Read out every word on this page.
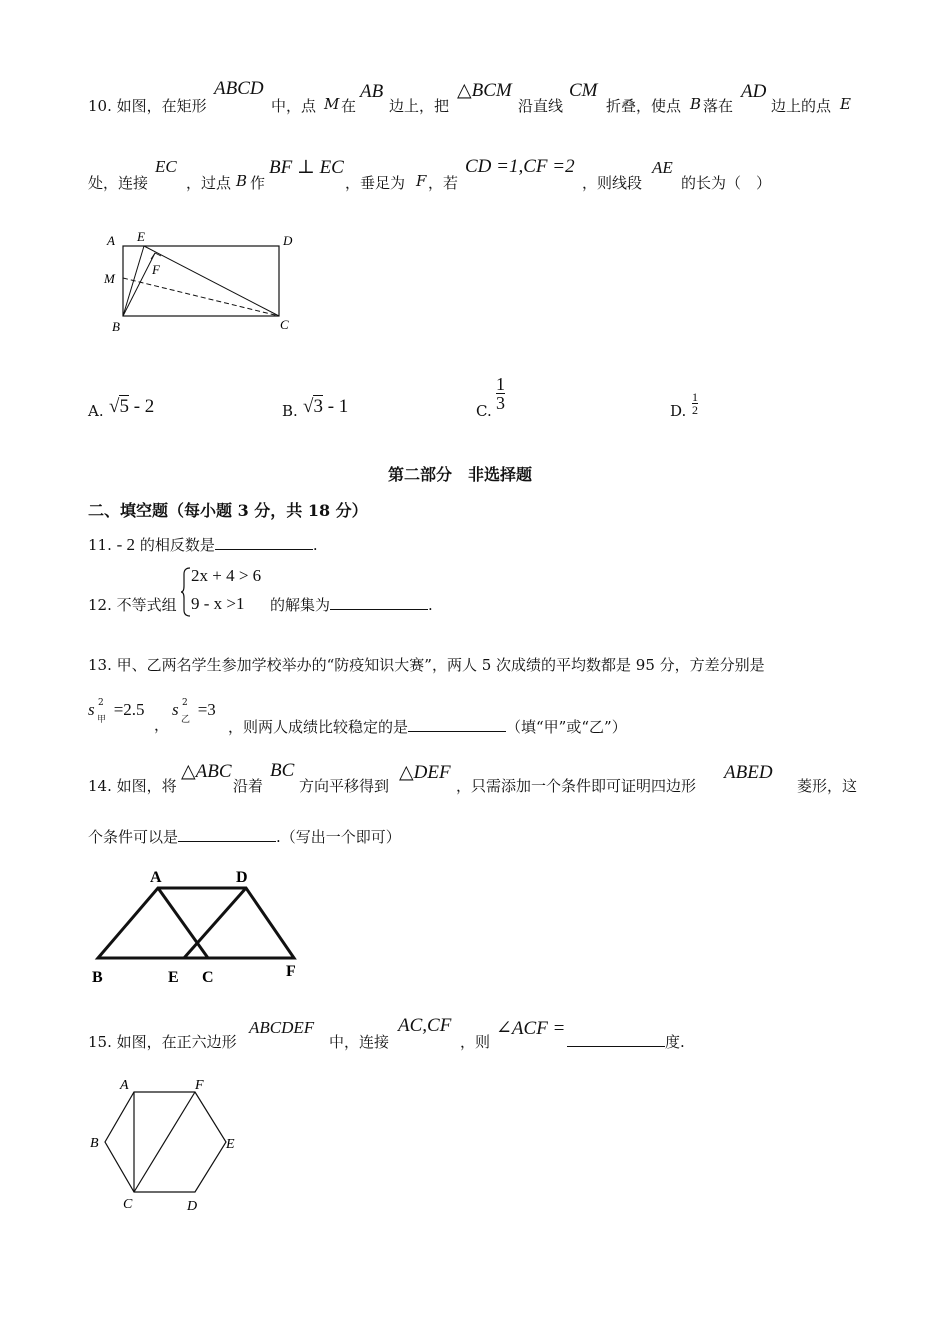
10. 如图，在矩形
ABCD
中，点 M 在
AB
边上，把
△BCM
沿直线
CM
折叠，使点 B 落在
AD
边上的点 E
处，连接
EC
，过点 B 作
BF ⊥ EC
，垂足为 F ，若
CD =1,CF =2
，则线段
AE
的长为（　）
A E	D
M
F
B	C
A. √5 - 2	B. √3 - 1	C. $\frac{1}{3}$	D. $\frac{1}{2}$
第二部分　非选择题
二、填空题（每小题 3 分，共 18 分）
11. - 2 的相反数是	.
12. 不等式组
2x + 4 > 6
9 - x >1 的解集为	.
13. 甲、乙两名学生参加学校举办的“防疫知识大赛”，两人 5 次成绩的平均数都是 95 分，方差分别是
s 2
甲
=2.5
，
s 2
乙
=3
，则两人成绩比较稳定的是	（填“甲”或“乙”）
14. 如图，将
△ABC
沿着
BC
方向平移得到
△DEF
，只需添加一个条件即可证明四边形
ABED
菱形，这
个条件可以是	.（写出一个即可）
A	D
B	E C	F
15. 如图，在正六边形
ABCDEF
中，连接
AC,CF
，则
∠ACF =
度.
A	F
B	E
C	D
